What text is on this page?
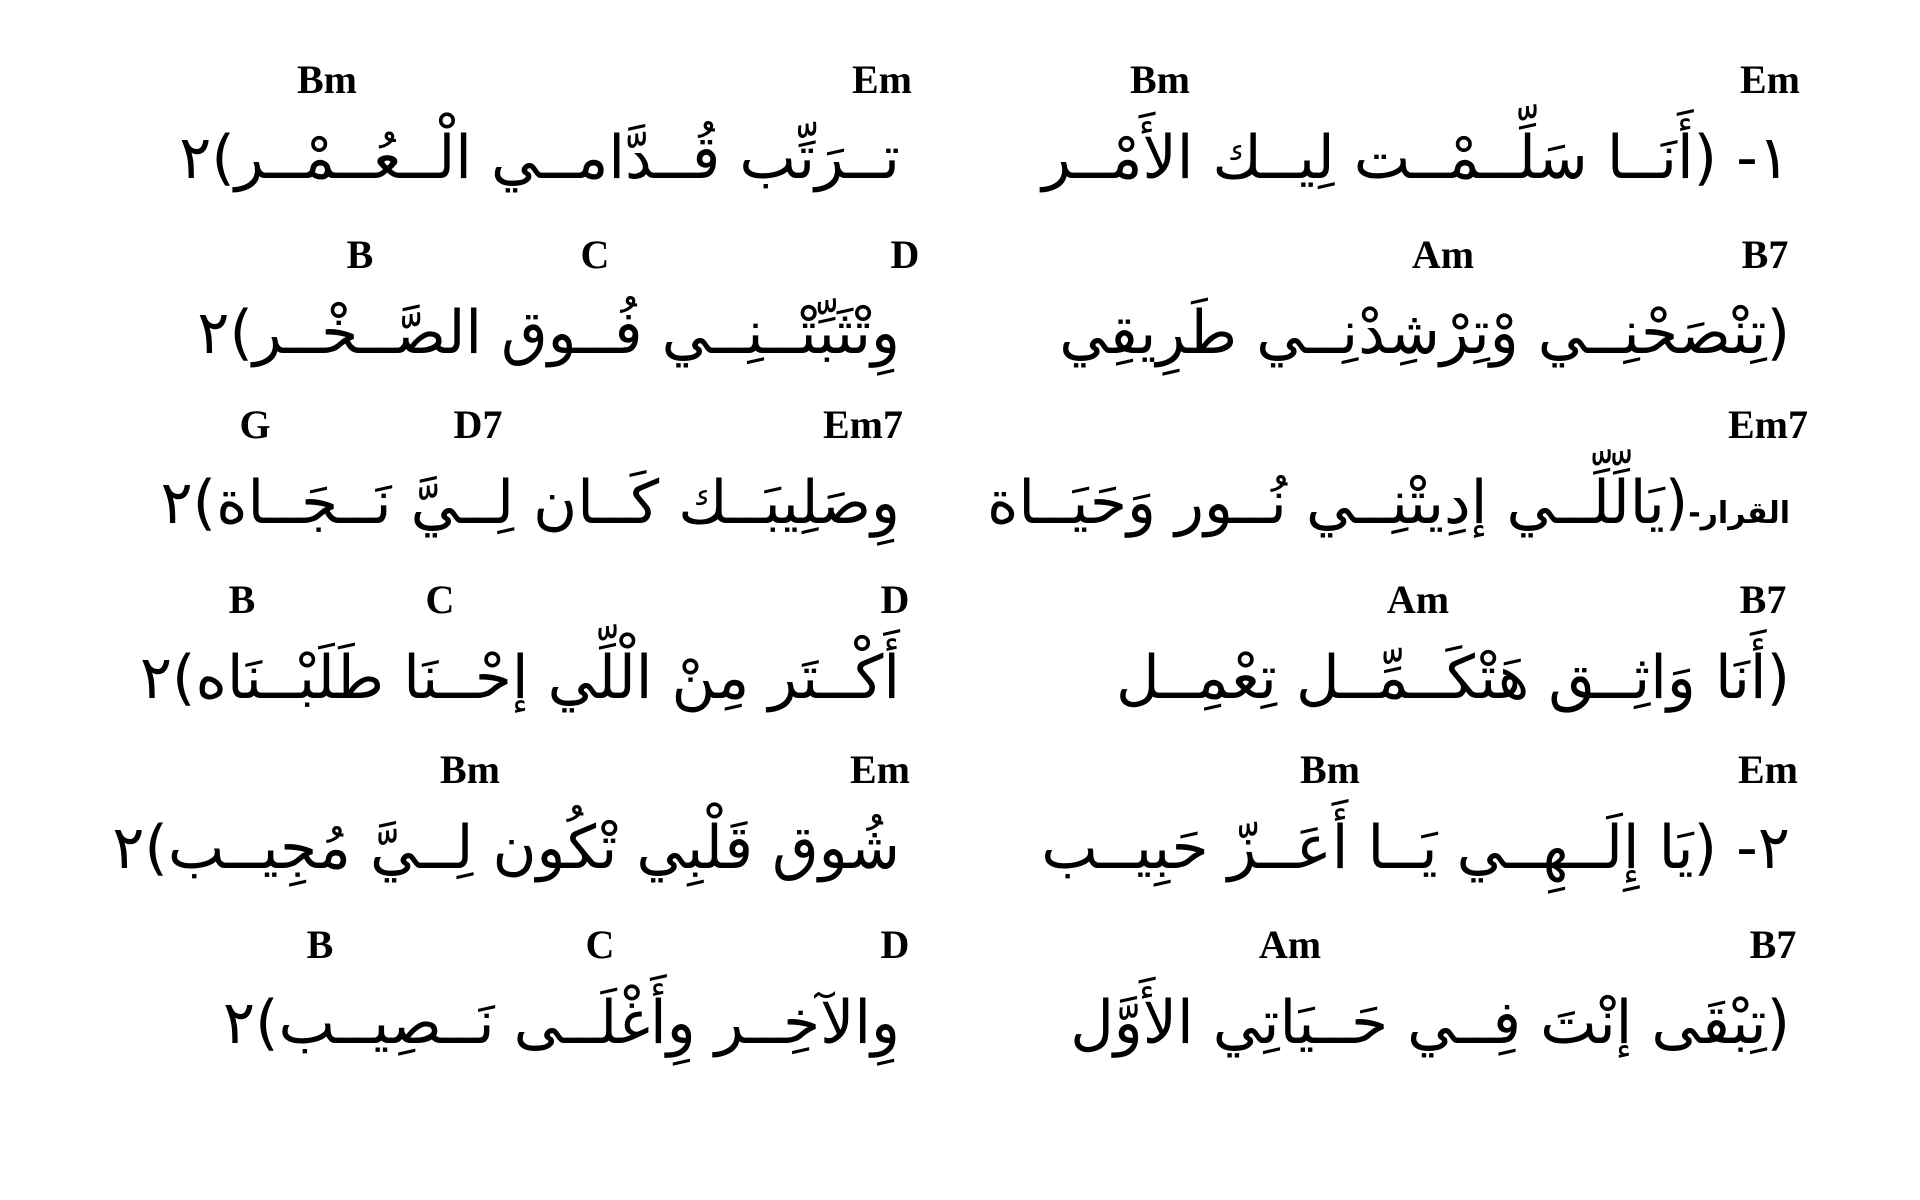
Bm	Em	Bm	Em
١- (أَنَــا سَلِّــمْــت لِيــك الأَمْــر
تــرَتِّب قُــدَّامــي الْــعُــمْــر)٢
B	C	D	Am	B7
(تِنْصَحْنِــي وْتِرْشِدْنِــي طَرِيقِي
وِتْثَبِّتْــنِــي فُــوق الصَّــخْــر)٢
G	D7	Em7	Em7
القرار-(يَالِّلِّــي إدِيتْنِــي نُــور وَحَيَــاة
وِصَلِيبَــك كَــان لِــيَّ نَــجَــاة)٢
B	C	D	Am	B7
(أَنَا وَاثِــق هَتْكَــمِّــل تِعْمِــل
أَكْــتَر مِنْ الْلِّي إحْــنَا طَلَبْــنَاه)٢
Bm	Em	Bm	Em
٢- (يَا إِلَــهِــي يَــا أَعَــزّ حَبِيــب
شُوق قَلْبِي تْكُون لِــيَّ مُجِيــب)٢
B	C	D	Am	B7
(تِبْقَى إنْتَ فِــي حَــيَاتِي الأَوَّل
وِالآخِــر وِأَغْلَــى نَــصِيــب)٢
